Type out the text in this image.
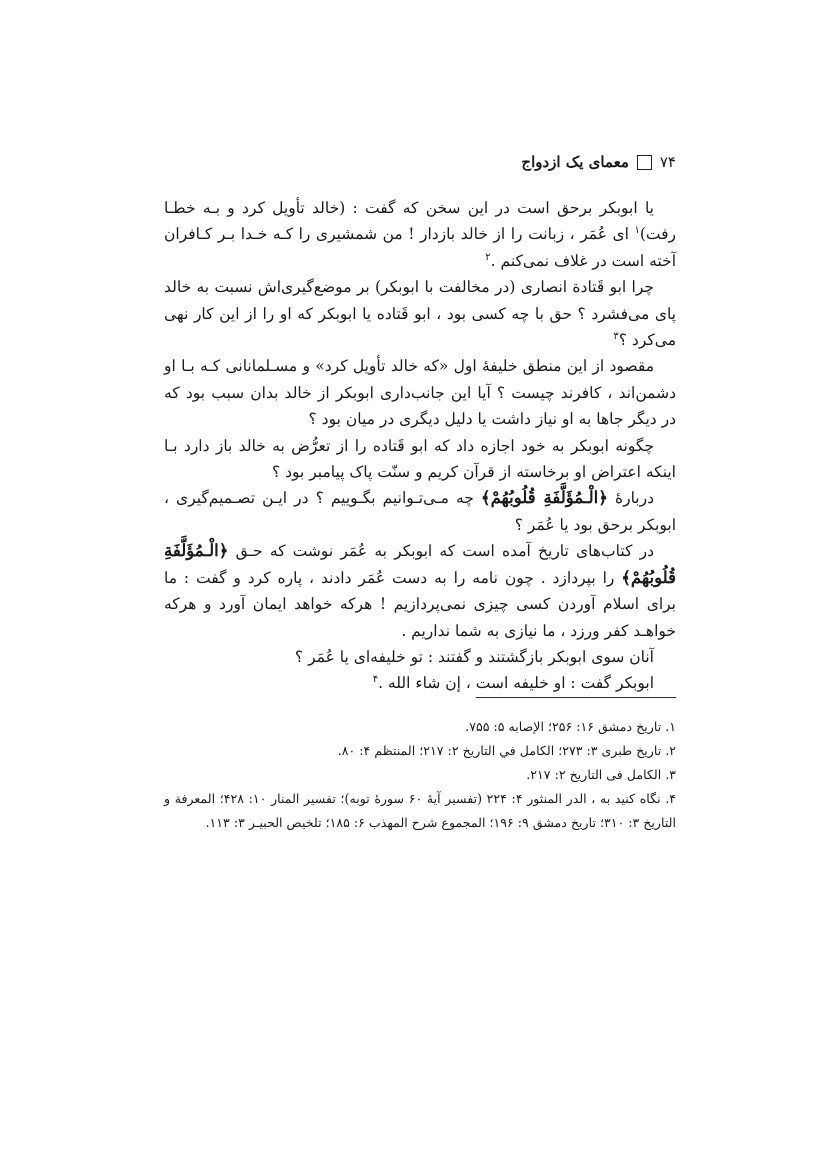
۷۴
معمای یک ازدواج

یا ابوبکر برحق است در این سخن که گفت : (خالد تأویل کرد و بـه خطـا رفت)$^۱$ ای عُمَر ، زبانت را از خالد بازدار ! من شمشیری را کـه خـدا بـر کـافران آخته است در غلاف نمی‌کنم .$^۲$

چرا ابو قَتادة انصاری (در مخالفت با ابوبکر) بر موضع‌گیری‌اش نسبت به خالد پای می‌فشرد ؟ حق با چه کسی بود ، ابو قَتاده یا ابوبکر که او را از این کار نهی می‌کرد ؟$^۳$

مقصود از این منطق خلیفهٔ اول «که خالد تأویل کرد» و مسـلمانانی کـه بـا او دشمن‌اند ، کافرند چیست ؟ آیا این جانب‌داری ابوبکر از خالد بدان سبب بود که در دیگر جاها به او نیاز داشت یا دلیل دیگری در میان بود ؟

چگونه ابوبکر به خود اجازه داد که ابو قَتاده را از تعرُّض به خالد باز دارد بـا اینکه اعتراض او برخاسته از قرآن کریم و سنّت پاک پیامبر بود ؟

دربارهٔ ﴿الْـمُؤَلَّفَةِ قُلُوبُهُمْ﴾ چه مـی‌تـوانیم بگـوییم ؟ در ایـن تصـمیم‌گیری ، ابوبکر برحق بود یا عُمَر ؟

در کتاب‌های تاریخ آمده است که ابوبکر به عُمَر نوشت که حـق ﴿الْـمُؤَلَّفَةِ قُلُوبُهُمْ﴾ را بپردازد . چون نامه را به دست عُمَر دادند ، پاره کرد و گفت : ما برای اسلام آوردن کسی چیزی نمی‌پردازیم ! هرکه خواهد ایمان آورد و هرکه خواهـد کفر ورزد ، ما نیازی به شما نداریم .

آنان سوی ابوبکر بازگشتند و گفتند : تو خلیفه‌ای یا عُمَر ؟

ابوبکر گفت : او خلیفه است ، إن شاء الله .$^۴$

۱. تاریخ دمشق ۱۶: ۲۵۶؛ الإصابه ۵: ۷۵۵.
۲. تاریخ طبری ۳: ۲۷۳؛ الکامل في التاریخ ۲: ۲۱۷؛ المنتظم ۴: ۸۰.
۳. الکامل فی التاریخ ۲: ۲۱۷.
۴. نگاه کنید به ، الدر المنثور ۴: ۲۲۴ (تفسیر آیهٔ ۶۰ سورهٔ توبه)؛ تفسیر المنار ۱۰: ۴۲۸؛ المعرفة و التاریخ ۳: ۳۱۰؛ تاریخ دمشق ۹: ۱۹۶؛ المجموع شرح المهذب ۶: ۱۸۵؛ تلخیص الحبیـر ۳: ۱۱۳.
